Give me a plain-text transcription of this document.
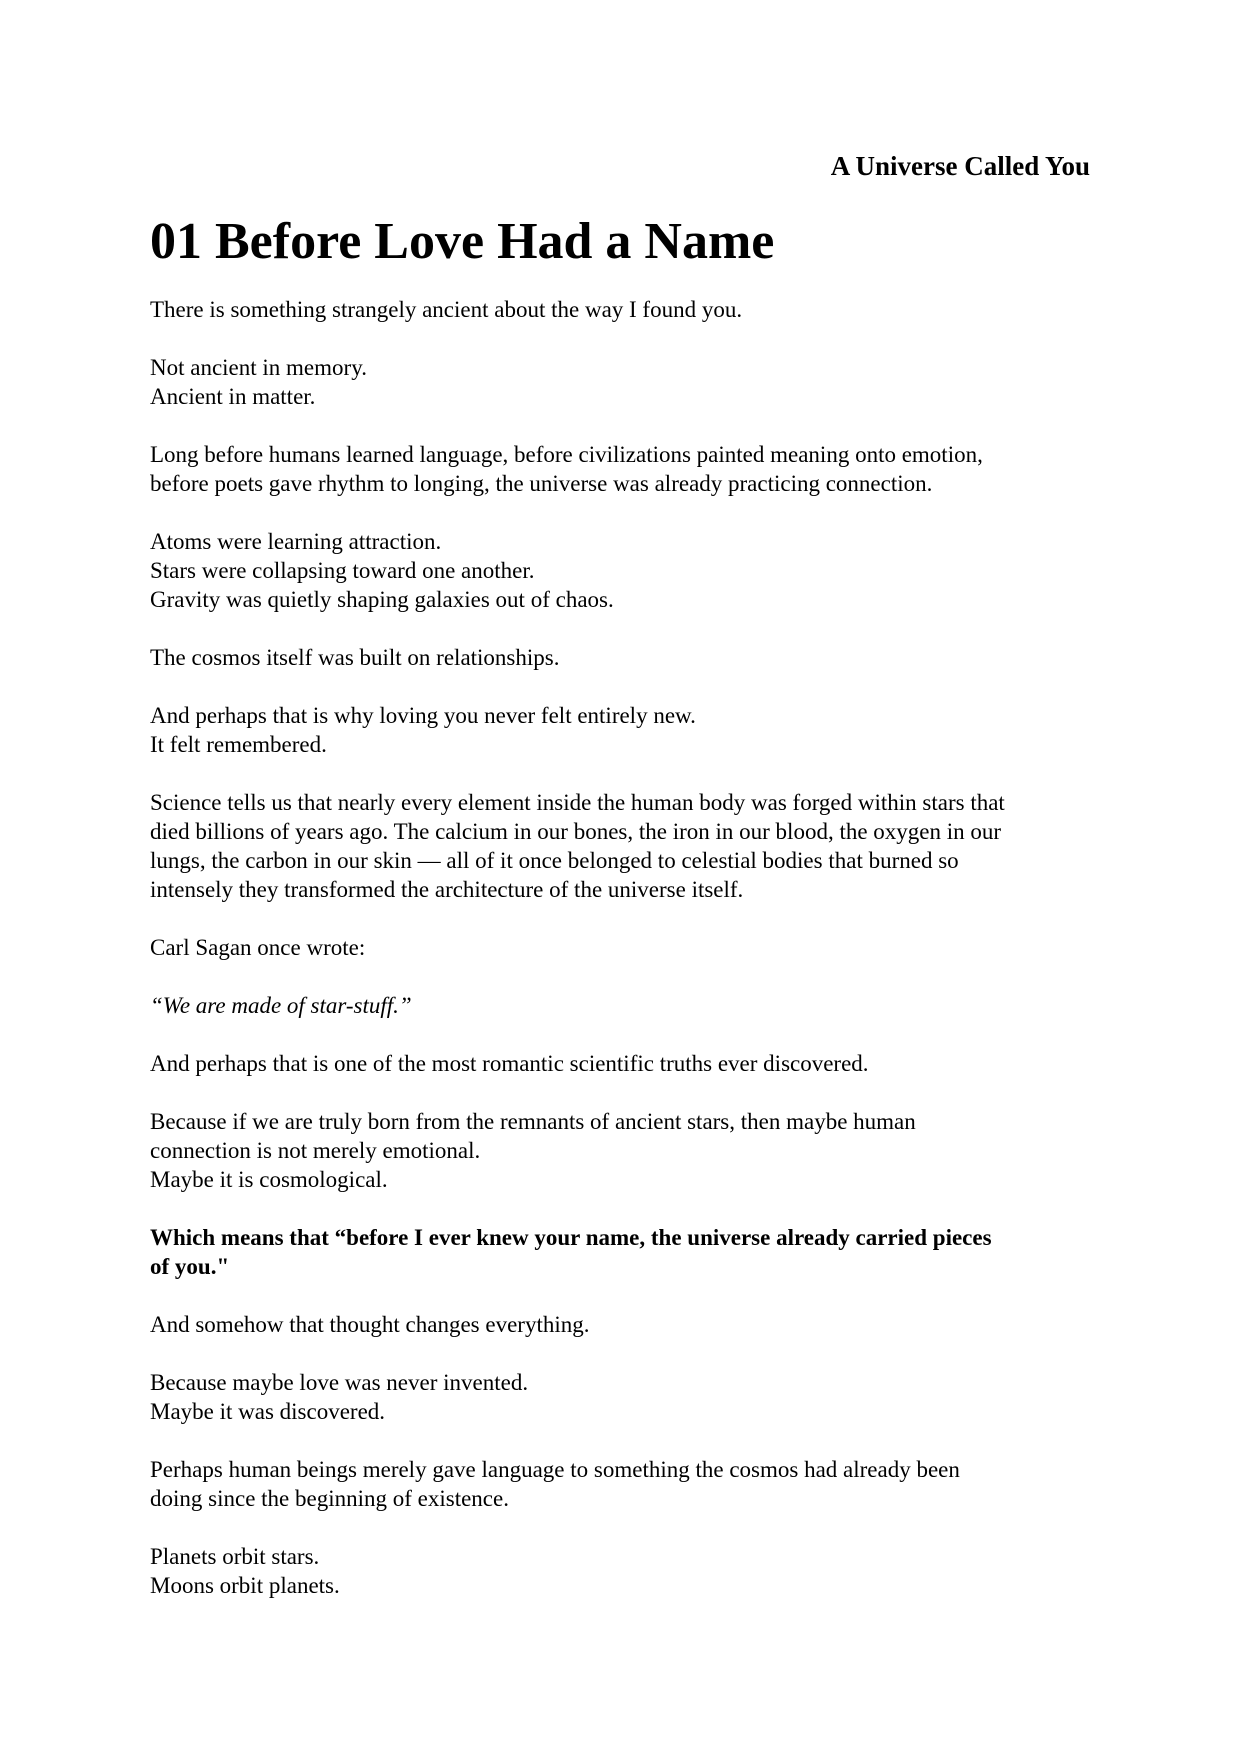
A Universe Called You
01 Before Love Had a Name

There is something strangely ancient about the way I found you.

Not ancient in memory.
Ancient in matter.

Long before humans learned language, before civilizations painted meaning onto emotion,
before poets gave rhythm to longing, the universe was already practicing connection.

Atoms were learning attraction.
Stars were collapsing toward one another.
Gravity was quietly shaping galaxies out of chaos.

The cosmos itself was built on relationships.

And perhaps that is why loving you never felt entirely new.
It felt remembered.

Science tells us that nearly every element inside the human body was forged within stars that
died billions of years ago. The calcium in our bones, the iron in our blood, the oxygen in our
lungs, the carbon in our skin — all of it once belonged to celestial bodies that burned so
intensely they transformed the architecture of the universe itself.

Carl Sagan once wrote:

“We are made of star-stuff.”

And perhaps that is one of the most romantic scientific truths ever discovered.

Because if we are truly born from the remnants of ancient stars, then maybe human
connection is not merely emotional.
Maybe it is cosmological.

Which means that “before I ever knew your name, the universe already carried pieces
of you."

And somehow that thought changes everything.

Because maybe love was never invented.
Maybe it was discovered.

Perhaps human beings merely gave language to something the cosmos had already been
doing since the beginning of existence.

Planets orbit stars.
Moons orbit planets.
